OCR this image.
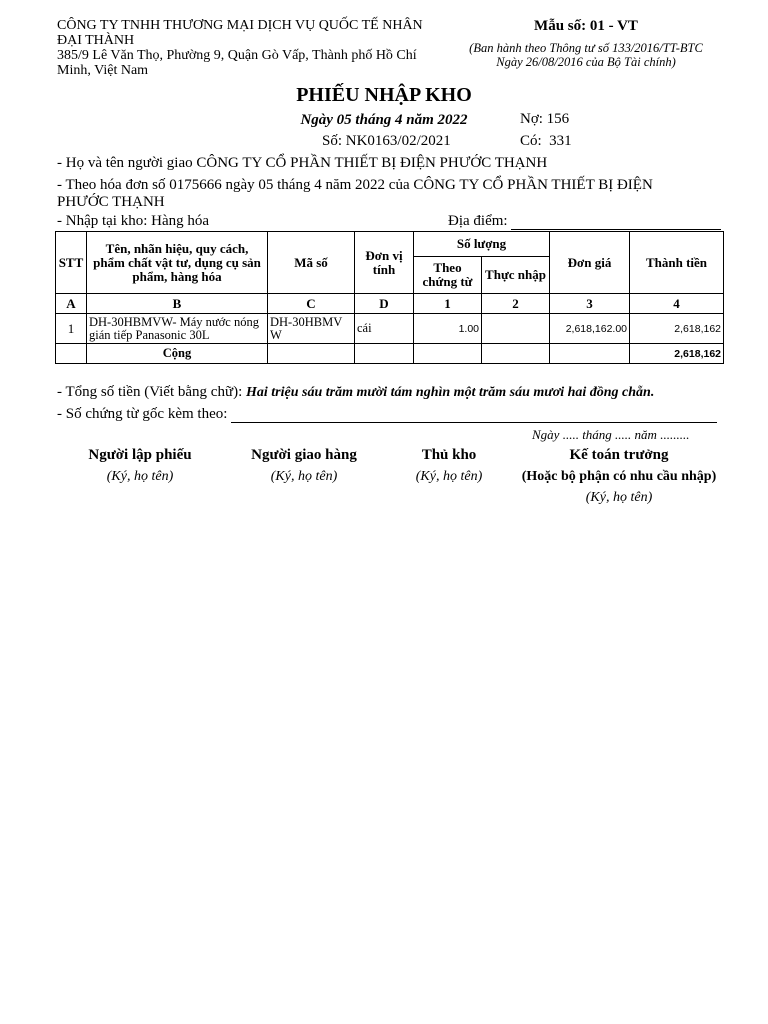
CÔNG TY TNHH THƯƠNG MẠI DỊCH VỤ QUỐC TẾ NHÂN ĐẠI THÀNH
385/9 Lê Văn Thọ, Phường 9, Quận Gò Vấp, Thành phố Hồ Chí Minh, Việt Nam
Mẫu số: 01 - VT
(Ban hành theo Thông tư số 133/2016/TT-BTC
Ngày 26/08/2016 của Bộ Tài chính)
PHIẾU NHẬP KHO
Ngày 05 tháng 4 năm 2022	Nợ: 156
Số: NK0163/02/2021	Có:  331
- Họ và tên người giao CÔNG TY CỔ PHẦN THIẾT BỊ ĐIỆN PHƯỚC THẠNH
- Theo hóa đơn số 0175666 ngày 05 tháng 4 năm 2022 của CÔNG TY CỔ PHẦN THIẾT BỊ ĐIỆN PHƯỚC THẠNH
- Nhập tại kho: Hàng hóa	Địa điểm:
STT	Tên, nhãn hiệu, quy cách, phẩm chất vật tư, dụng cụ sản phẩm, hàng hóa	Mã số	Đơn vị tính	Số lượng		Đơn giá	Thành tiền
				Theo chứng từ	Thực nhập		
A	B	C	D	1	2	3	4
1	DH-30HBMVW- Máy nước nóng gián tiếp Panasonic 30L	DH-30HBMVW	cái	1.00		2,618,162.00	2,618,162
	Cộng						2,618,162
- Tổng số tiền (Viết bằng chữ): Hai triệu sáu trăm mười tám nghìn một trăm sáu mươi hai đồng chẵn.
- Số chứng từ gốc kèm theo:
Ngày ..... tháng ..... năm .........
Người lập phiếu
(Ký, họ tên)
Người giao hàng
(Ký, họ tên)
Thủ kho
(Ký, họ tên)
Kế toán trưởng
(Hoặc bộ phận có nhu cầu nhập)
(Ký, họ tên)
